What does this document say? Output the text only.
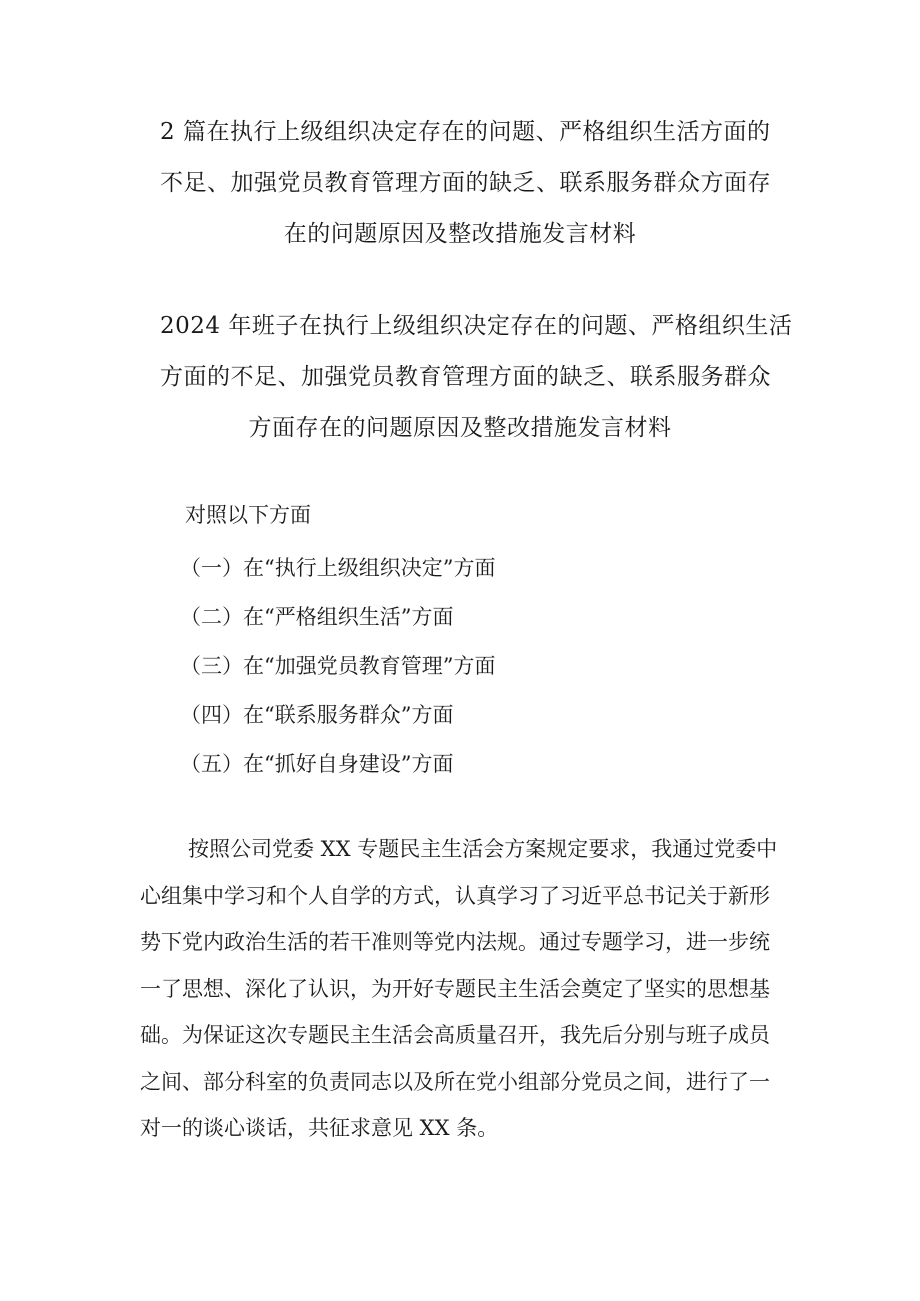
2 篇在执行上级组织决定存在的问题、严格组织生活方面的
不足、加强党员教育管理方面的缺乏、联系服务群众方面存
在的问题原因及整改措施发言材料
2024 年班子在执行上级组织决定存在的问题、严格组织生活
方面的不足、加强党员教育管理方面的缺乏、联系服务群众
方面存在的问题原因及整改措施发言材料
对照以下方面
（一）在“执行上级组织决定”方面
（二）在“严格组织生活”方面
（三）在“加强党员教育管理”方面
（四）在“联系服务群众”方面
（五）在“抓好自身建设”方面
按照公司党委 XX 专题民主生活会方案规定要求，我通过党委中
心组集中学习和个人自学的方式，认真学习了习近平总书记关于新形
势下党内政治生活的若干准则等党内法规。通过专题学习，进一步统
一了思想、深化了认识，为开好专题民主生活会奠定了坚实的思想基
础。为保证这次专题民主生活会高质量召开，我先后分别与班子成员
之间、部分科室的负责同志以及所在党小组部分党员之间，进行了一
对一的谈心谈话，共征求意见 XX 条。
